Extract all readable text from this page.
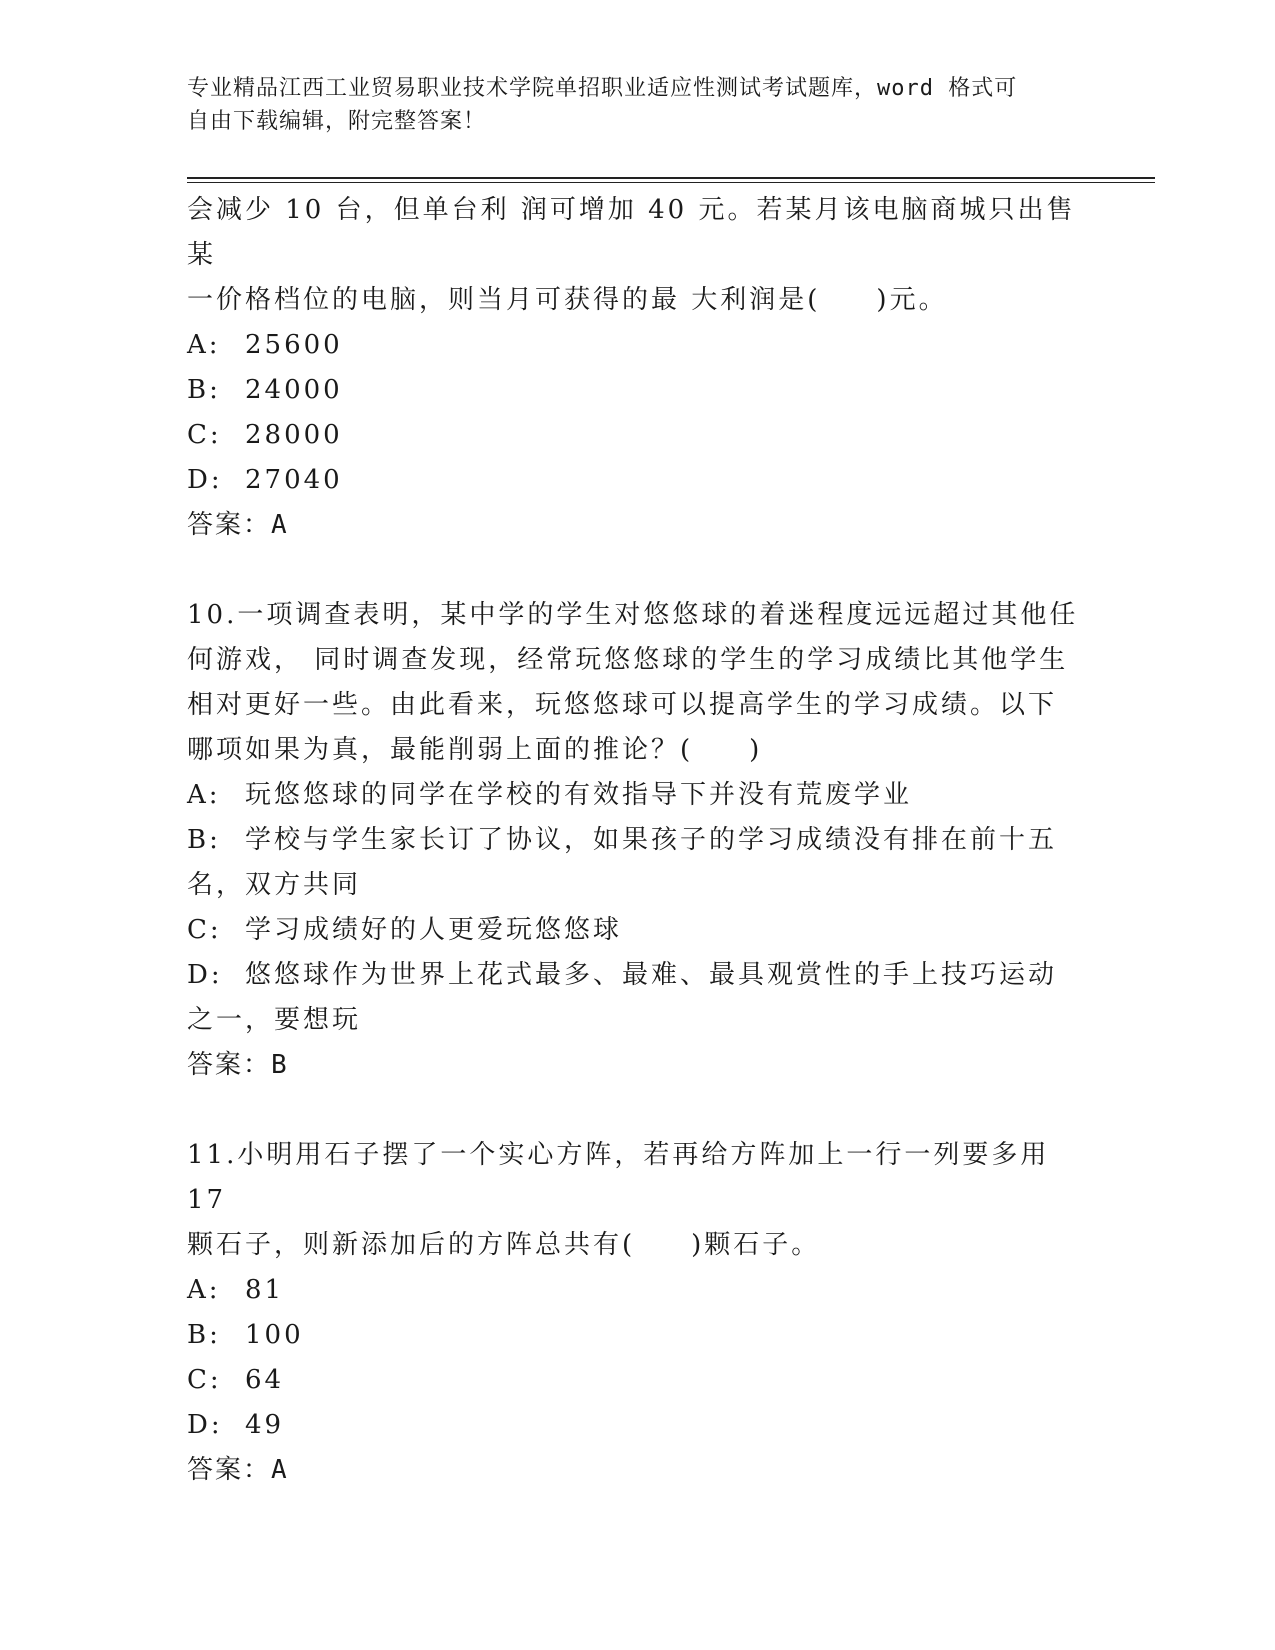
专业精品江西工业贸易职业技术学院单招职业适应性测试考试题库，word 格式可
自由下载编辑，附完整答案！

会减少 10 台，但单台利 润可增加 40 元。若某月该电脑商城只出售某

一价格档位的电脑，则当月可获得的最 大利润是( )元。

A: 25600

B: 24000

C: 28000

D: 27040

答案：A

10.一项调查表明，某中学的学生对悠悠球的着迷程度远远超过其他任

何游戏， 同时调查发现，经常玩悠悠球的学生的学习成绩比其他学生

相对更好一些。由此看来，玩悠悠球可以提高学生的学习成绩。以下

哪项如果为真，最能削弱上面的推论？( )

A: 玩悠悠球的同学在学校的有效指导下并没有荒废学业

B: 学校与学生家长订了协议，如果孩子的学习成绩没有排在前十五

名，双方共同

C: 学习成绩好的人更爱玩悠悠球

D: 悠悠球作为世界上花式最多、最难、最具观赏性的手上技巧运动

之一，要想玩

答案：B

11.小明用石子摆了一个实心方阵，若再给方阵加上一行一列要多用 17

颗石子，则新添加后的方阵总共有( )颗石子。

A: 81

B: 100

C: 64

D: 49

答案：A
